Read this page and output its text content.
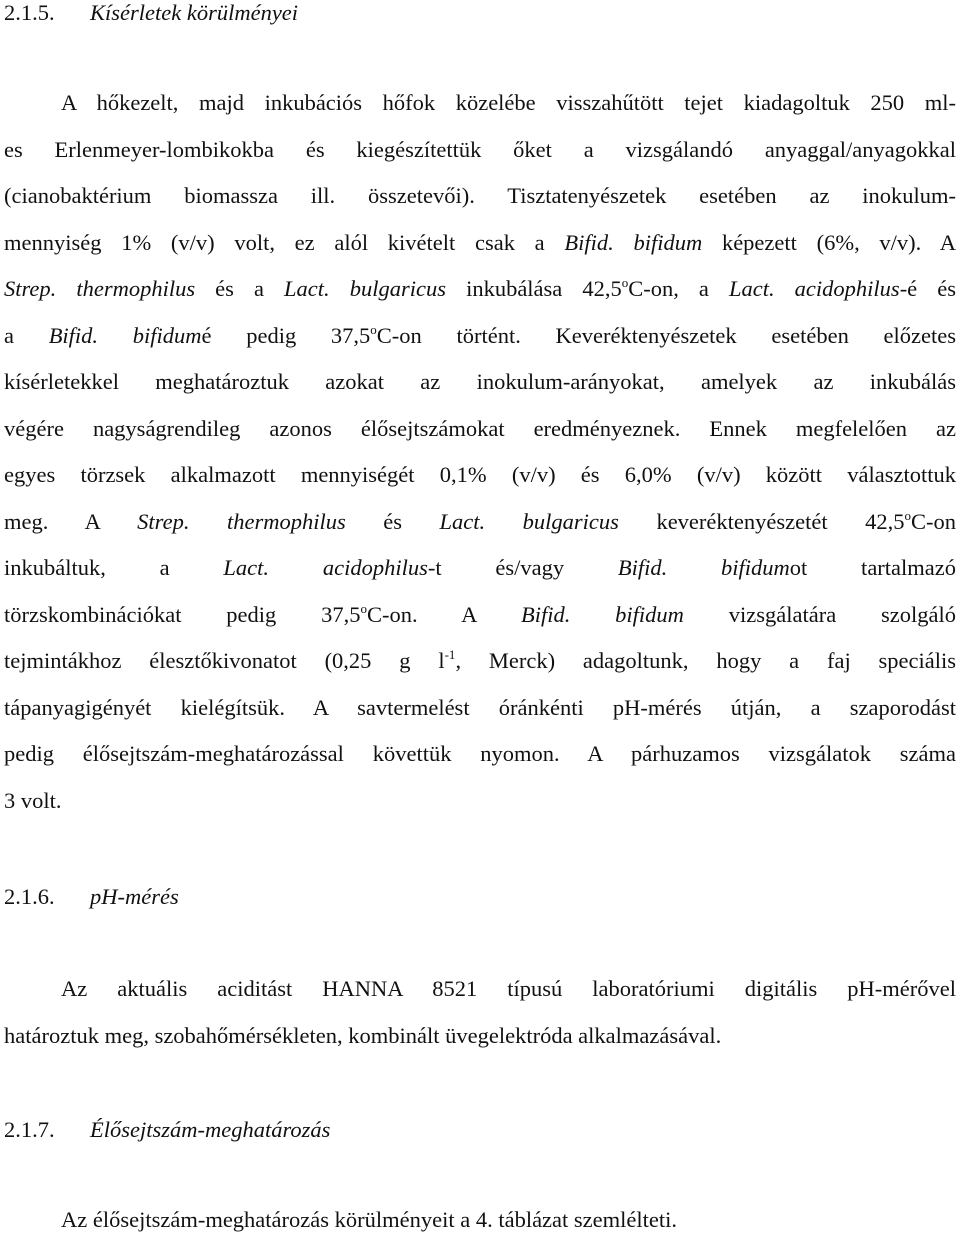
2.1.5. Kísérletek körülményei
A hőkezelt, majd inkubációs hőfok közelébe visszahűtött tejet kiadagoltuk 250 ml-
es Erlenmeyer-lombikokba és kiegészítettük őket a vizsgálandó anyaggal/anyagokkal
(cianobaktérium biomassza ill. összetevői). Tisztatenyészetek esetében az inokulum-
mennyiség 1% (v/v) volt, ez alól kivételt csak a Bifid. bifidum képezett (6%, v/v). A
Strep. thermophilus és a Lact. bulgaricus inkubálása 42,5$^o$C-on, a Lact. acidophilus-é és
a Bifid. bifidumé pedig 37,5$^o$C-on történt. Keveréktenyészetek esetében előzetes
kísérletekkel meghatároztuk azokat az inokulum-arányokat, amelyek az inkubálás
végére nagyságrendileg azonos élősejtszámokat eredményeznek. Ennek megfelelően az
egyes törzsek alkalmazott mennyiségét 0,1% (v/v) és 6,0% (v/v) között választottuk
meg. A Strep. thermophilus és Lact. bulgaricus keveréktenyészetét 42,5$^o$C-on
inkubáltuk, a Lact. acidophilus-t és/vagy Bifid. bifidumot tartalmazó
törzskombinációkat pedig 37,5$^o$C-on. A Bifid. bifidum vizsgálatára szolgáló
tejmintákhoz élesztőkivonatot (0,25 g $l^{-1}$, Merck) adagoltunk, hogy a faj speciális
tápanyagigényét kielégítsük. A savtermelést óránkénti pH-mérés útján, a szaporodást
pedig élősejtszám-meghatározással követtük nyomon. A párhuzamos vizsgálatok száma
3 volt.
2.1.6. pH-mérés
Az aktuális aciditást HANNA 8521 típusú laboratóriumi digitális pH-mérővel
határoztuk meg, szobahőmérsékleten, kombinált üvegelektróda alkalmazásával.
2.1.7. Élősejtszám-meghatározás
Az élősejtszám-meghatározás körülményeit a 4. táblázat szemlélteti.
